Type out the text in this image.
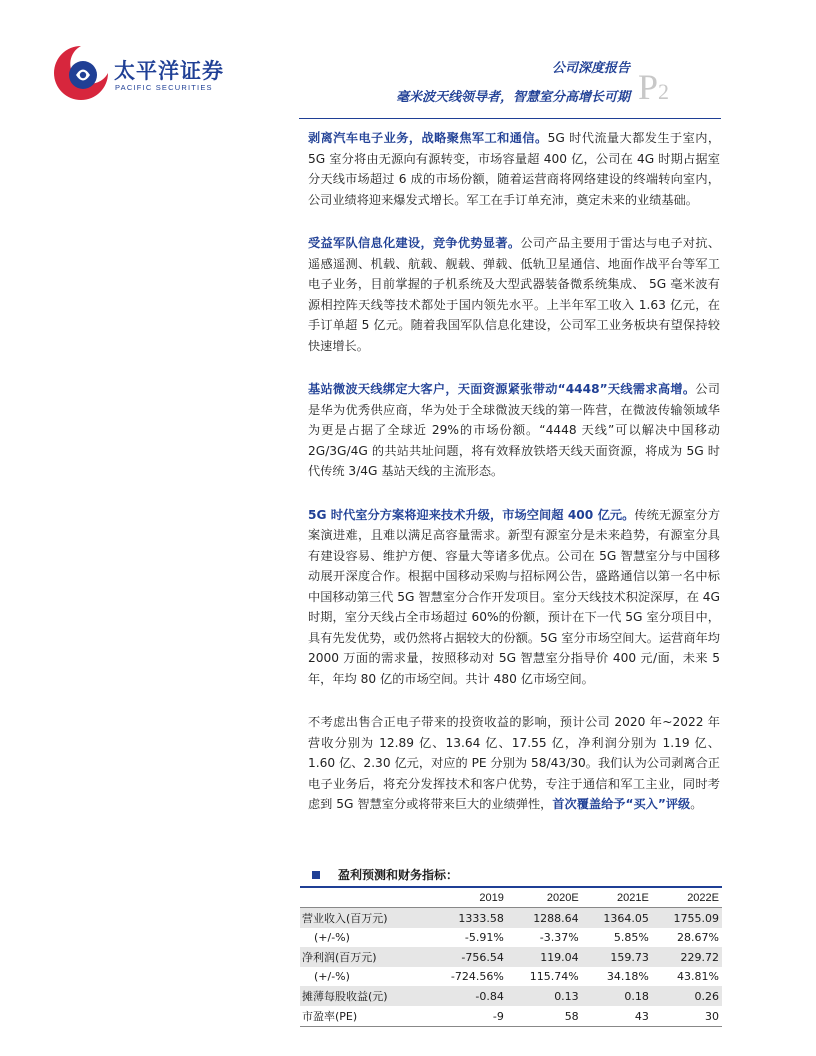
太平洋证券
PACIFIC SECURITIES
公司深度报告
毫米波天线领导者，智慧室分高增长可期 P2

剥离汽车电子业务，战略聚焦军工和通信。5G 时代流量大都发生于室内，5G 室分将由无源向有源转变，市场容量超 400 亿，公司在 4G 时期占据室分天线市场超过 6 成的市场份额，随着运营商将网络建设的终端转向室内，公司业绩将迎来爆发式增长。军工在手订单充沛，奠定未来的业绩基础。

受益军队信息化建设，竞争优势显著。公司产品主要用于雷达与电子对抗、遥感遥测、机载、航载、舰载、弹载、低轨卫星通信、地面作战平台等军工电子业务，目前掌握的子机系统及大型武器装备微系统集成、 5G 毫米波有源相控阵天线等技术都处于国内领先水平。上半年军工收入 1.63 亿元，在手订单超 5 亿元。随着我国军队信息化建设，公司军工业务板块有望保持较快速增长。

基站微波天线绑定大客户，天面资源紧张带动“4448”天线需求高增。公司是华为优秀供应商，华为处于全球微波天线的第一阵营，在微波传输领域华为更是占据了全球近 29%的市场份额。“4448 天线”可以解决中国移动 2G/3G/4G 的共站共址问题，将有效释放铁塔天线天面资源，将成为 5G 时代传统 3/4G 基站天线的主流形态。

5G 时代室分方案将迎来技术升级，市场空间超 400 亿元。传统无源室分方案演进难，且难以满足高容量需求。新型有源室分是未来趋势，有源室分具有建设容易、维护方便、容量大等诸多优点。公司在 5G 智慧室分与中国移动展开深度合作。根据中国移动采购与招标网公告，盛路通信以第一名中标中国移动第三代 5G 智慧室分合作开发项目。室分天线技术积淀深厚，在 4G 时期，室分天线占全市场超过 60%的份额，预计在下一代 5G 室分项目中，具有先发优势，或仍然将占据较大的份额。5G 室分市场空间大。运营商年均 2000 万面的需求量，按照移动对 5G 智慧室分指导价 400 元/面，未来 5 年，年均 80 亿的市场空间。共计 480 亿市场空间。

不考虑出售合正电子带来的投资收益的影响，预计公司 2020 年~2022 年营收分别为 12.89 亿、13.64 亿、17.55 亿，净利润分别为 1.19 亿、1.60 亿、2.30 亿元，对应的 PE 分别为 58/43/30。我们认为公司剥离合正电子业务后，将充分发挥技术和客户优势，专注于通信和军工主业，同时考虑到 5G 智慧室分或将带来巨大的业绩弹性，首次覆盖给予“买入”评级。

盈利预测和财务指标：
	2019	2020E	2021E	2022E
营业收入(百万元)	1333.58	1288.64	1364.05	1755.09
(+/-%)	-5.91%	-3.37%	5.85%	28.67%
净利润(百万元)	-756.54	119.04	159.73	229.72
(+/-%)	-724.56%	115.74%	34.18%	43.81%
摊薄每股收益(元)	-0.84	0.13	0.18	0.26
市盈率(PE)	-9	58	43	30
